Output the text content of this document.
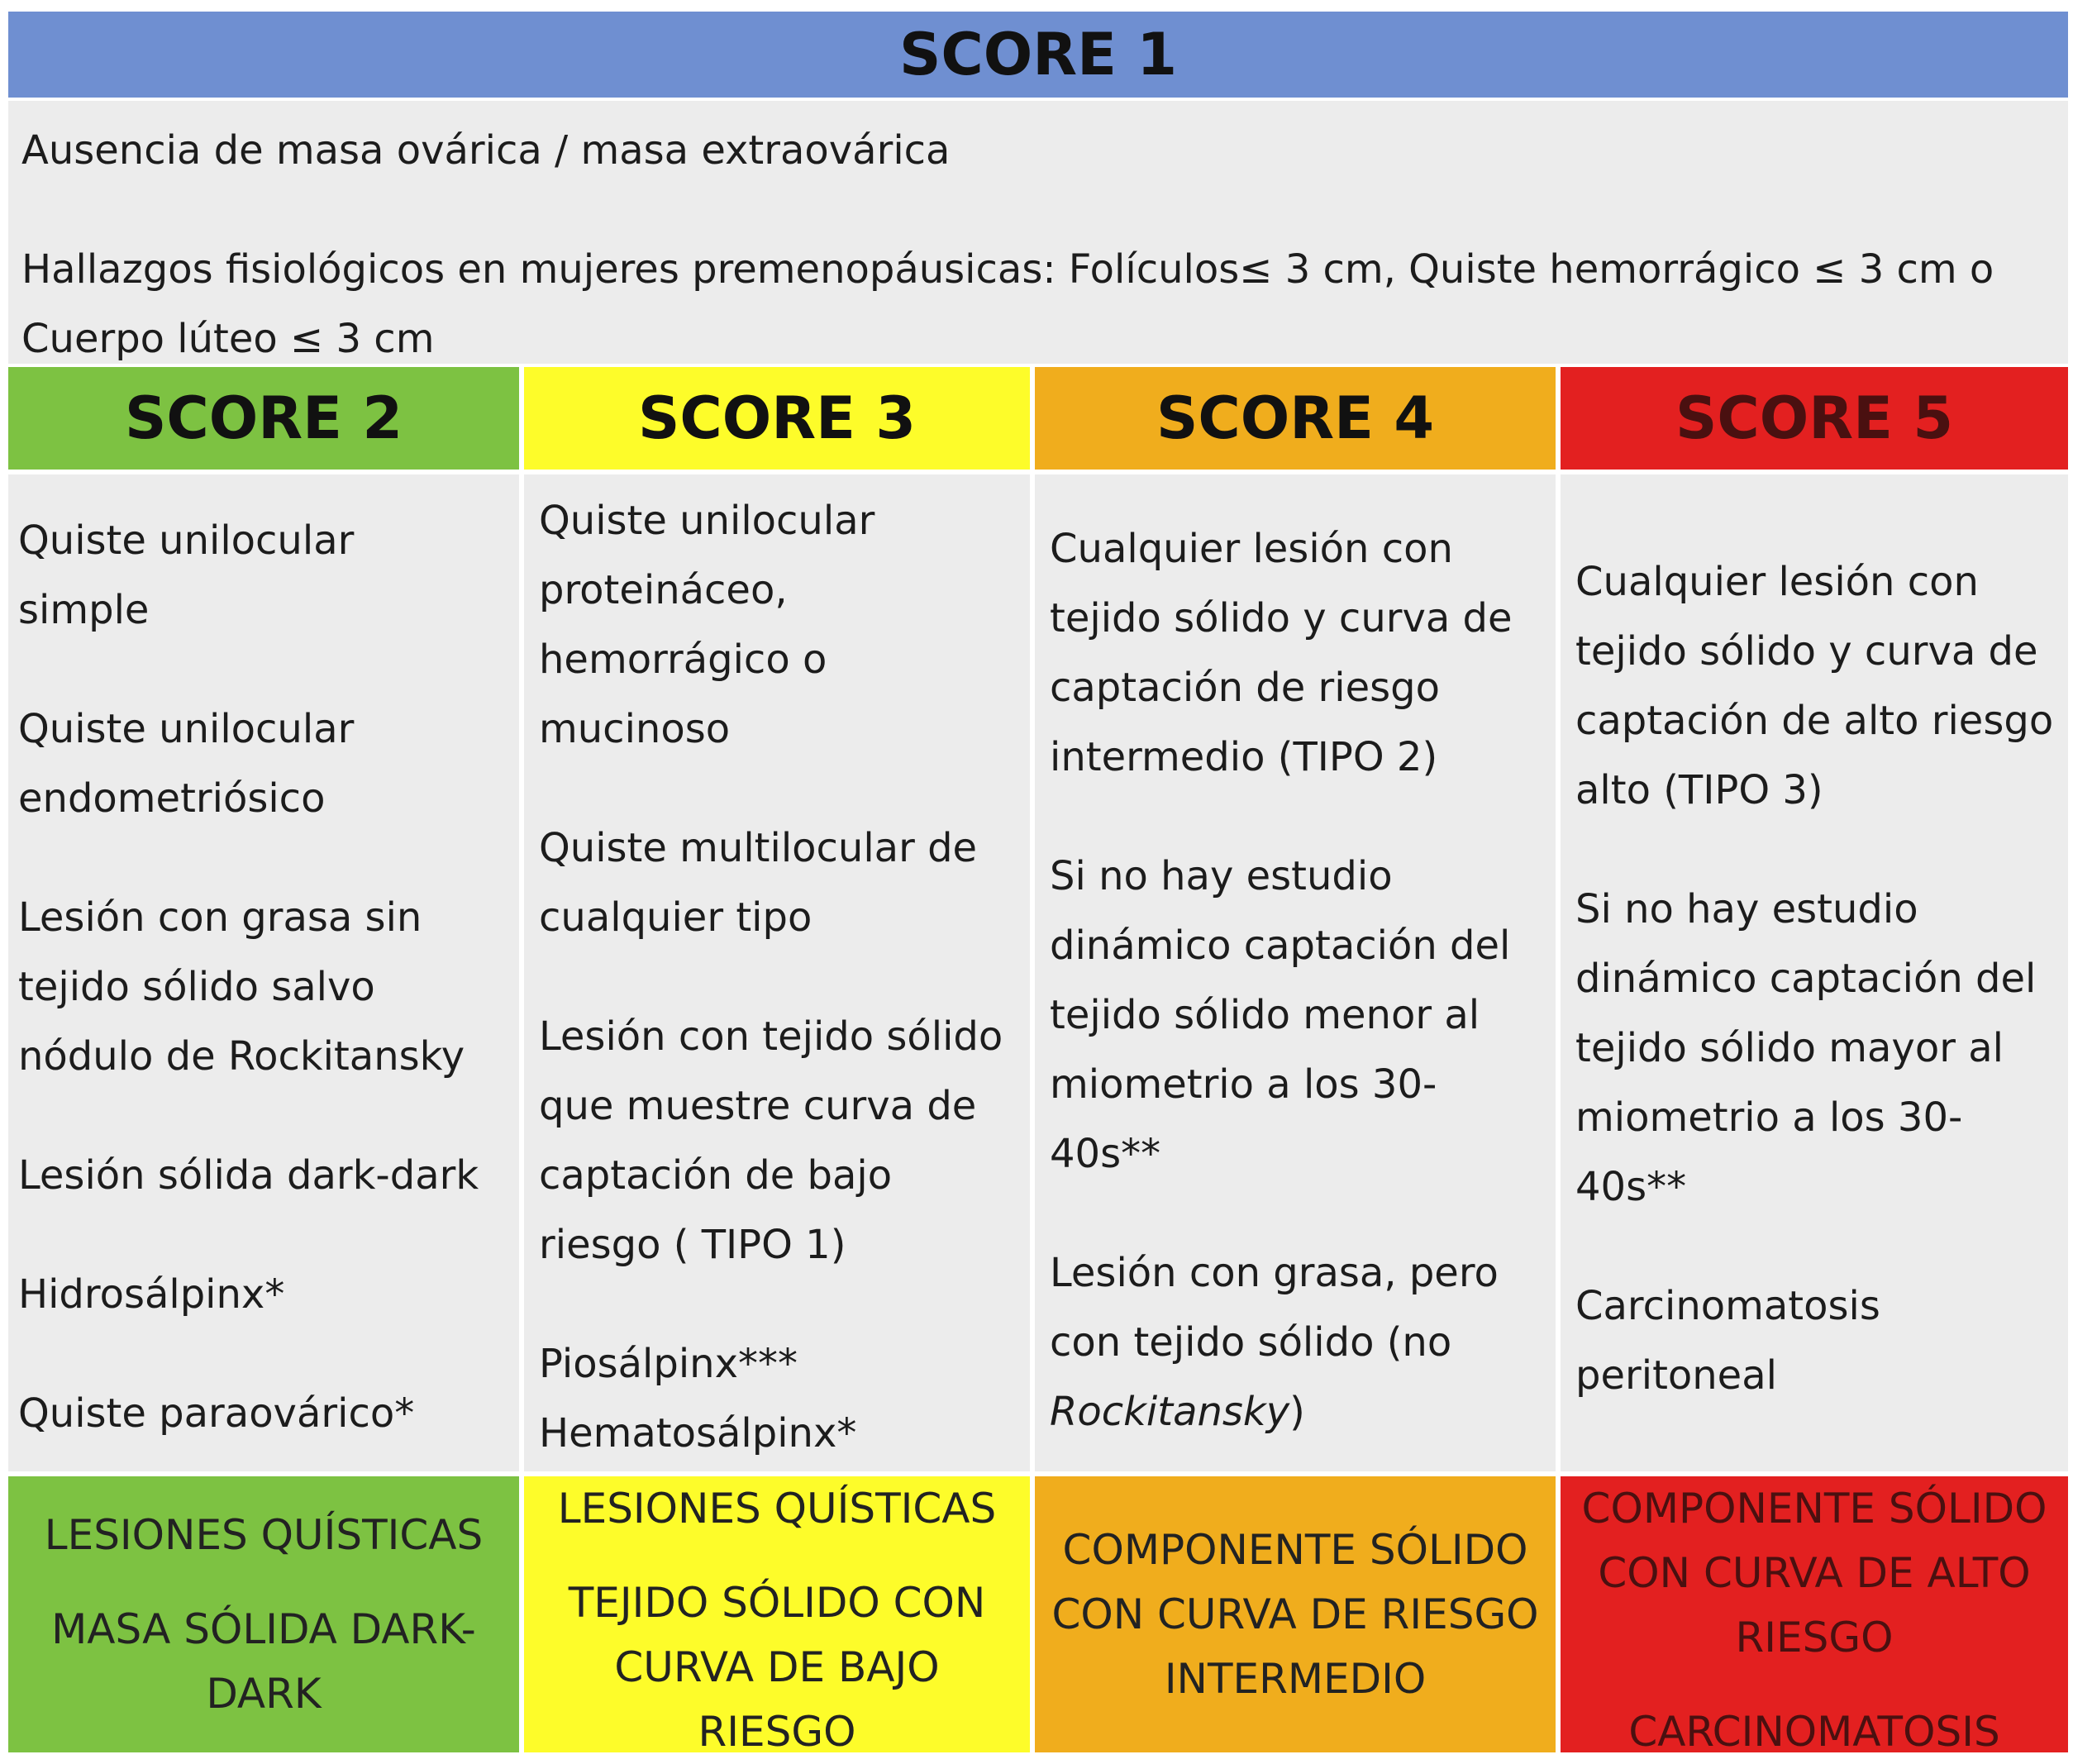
SCORE 1

Ausencia de masa ovárica / masa extraovárica

Hallazgos fisiológicos en mujeres premenopáusicas: Folículos≤ 3 cm, Quiste hemorrágico ≤ 3 cm o

Cuerpo lúteo ≤ 3 cm

SCORE 2

Quiste unilocular simple

Quiste unilocular endometriósico

Lesión con grasa sin tejido sólido salvo nódulo de Rockitansky

Lesión sólida dark-dark

Hidrosálpinx*

Quiste paraovárico*

LESIONES QUÍSTICAS

MASA SÓLIDA DARK-DARK

SCORE 3

Quiste unilocular proteináceo, hemorrágico o mucinoso

Quiste multilocular de cualquier tipo

Lesión con tejido sólido que muestre curva de captación de bajo riesgo ( TIPO 1)

Piosálpinx***

Hematosálpinx*

LESIONES QUÍSTICAS

TEJIDO SÓLIDO CON CURVA DE BAJO RIESGO

SCORE 4

Cualquier lesión con tejido sólido y curva de captación de riesgo intermedio (TIPO 2)

Si no hay estudio dinámico captación del tejido sólido menor al miometrio a los 30-40s**

Lesión con grasa, pero con tejido sólido (no
Rockitansky)

COMPONENTE SÓLIDO CON CURVA DE RIESGO INTERMEDIO

SCORE 5

Cualquier lesión con tejido sólido y curva de captación de alto riesgo alto (TIPO 3)

Si no hay estudio dinámico captación del tejido sólido mayor al miometrio a los 30-40s**

Carcinomatosis peritoneal

COMPONENTE SÓLIDO CON CURVA DE ALTO RIESGO

CARCINOMATOSIS
